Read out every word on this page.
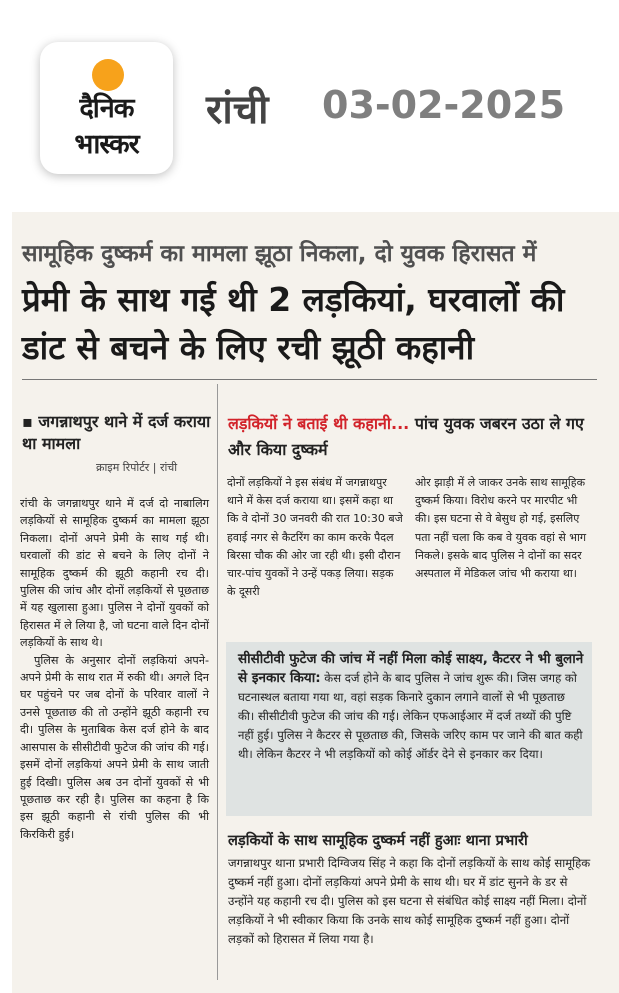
दैनिक
भास्कर
रांची 03-02-2025
सामूहिक दुष्कर्म का मामला झूठा निकला, दो युवक हिरासत में
प्रेमी के साथ गई थी 2 लड़कियां, घरवालों की डांट से बचने के लिए रची झूठी कहानी
▪ जगन्नाथपुर थाने में दर्ज कराया था मामला
क्राइम रिपोर्टर | रांची

रांची के जगन्नाथपुर थाने में दर्ज दो नाबालिग लड़कियों से सामूहिक दुष्कर्म का मामला झूठा निकला। दोनों अपने प्रेमी के साथ गई थी। घरवालों की डांट से बचने के लिए दोनों ने सामूहिक दुष्कर्म की झूठी कहानी रच दी। पुलिस की जांच और दोनों लड़कियों से पूछताछ में यह खुलासा हुआ। पुलिस ने दोनों युवकों को हिरासत में ले लिया है, जो घटना वाले दिन दोनों लड़कियों के साथ थे।

पुलिस के अनुसार दोनों लड़कियां अपने-अपने प्रेमी के साथ रात में रुकी थी। अगले दिन घर पहुंचने पर जब दोनों के परिवार वालों ने उनसे पूछताछ की तो उन्होंने झूठी कहानी रच दी। पुलिस के मुताबिक केस दर्ज होने के बाद आसपास के सीसीटीवी फुटेज की जांच की गई। इसमें दोनों लड़कियां अपने प्रेमी के साथ जाती हुई दिखी। पुलिस अब उन दोनों युवकों से भी पूछताछ कर रही है। पुलिस का कहना है कि इस झूठी कहानी से रांची पुलिस की भी किरकिरी हुई।

लड़कियों ने बताई थी कहानी... पांच युवक जबरन उठा ले गए और किया दुष्कर्म
दोनों लड़कियों ने इस संबंध में जगन्नाथपुर थाने में केस दर्ज कराया था। इसमें कहा था कि वे दोनों 30 जनवरी की रात 10:30 बजे हवाई नगर से कैटरिंग का काम करके पैदल बिरसा चौक की ओर जा रही थी। इसी दौरान चार-पांच युवकों ने उन्हें पकड़ लिया। सड़क के दूसरी
ओर झाड़ी में ले जाकर उनके साथ सामूहिक दुष्कर्म किया। विरोध करने पर मारपीट भी की। इस घटना से वे बेसुध हो गई, इसलिए पता नहीं चला कि कब वे युवक वहां से भाग निकले। इसके बाद पुलिस ने दोनों का सदर अस्पताल में मेडिकल जांच भी कराया था।
सीसीटीवी फुटेज की जांच में नहीं मिला कोई साक्ष्य, कैटरर ने भी बुलाने से इनकार किया: केस दर्ज होने के बाद पुलिस ने जांच शुरू की। जिस जगह को घटनास्थल बताया गया था, वहां सड़क किनारे दुकान लगाने वालों से भी पूछताछ की। सीसीटीवी फुटेज की जांच की गई। लेकिन एफआईआर में दर्ज तथ्यों की पुष्टि नहीं हुई। पुलिस ने कैटरर से पूछताछ की, जिसके जरिए काम पर जाने की बात कही थी। लेकिन कैटरर ने भी लड़कियों को कोई ऑर्डर देने से इनकार कर दिया।
लड़कियों के साथ सामूहिक दुष्कर्म नहीं हुआः थाना प्रभारी
जगन्नाथपुर थाना प्रभारी दिग्विजय सिंह ने कहा कि दोनों लड़कियों के साथ कोई सामूहिक दुष्कर्म नहीं हुआ। दोनों लड़कियां अपने प्रेमी के साथ थी। घर में डांट सुनने के डर से उन्होंने यह कहानी रच दी। पुलिस को इस घटना से संबंधित कोई साक्ष्य नहीं मिला। दोनों लड़कियों ने भी स्वीकार किया कि उनके साथ कोई सामूहिक दुष्कर्म नहीं हुआ। दोनों लड़कों को हिरासत में लिया गया है।
